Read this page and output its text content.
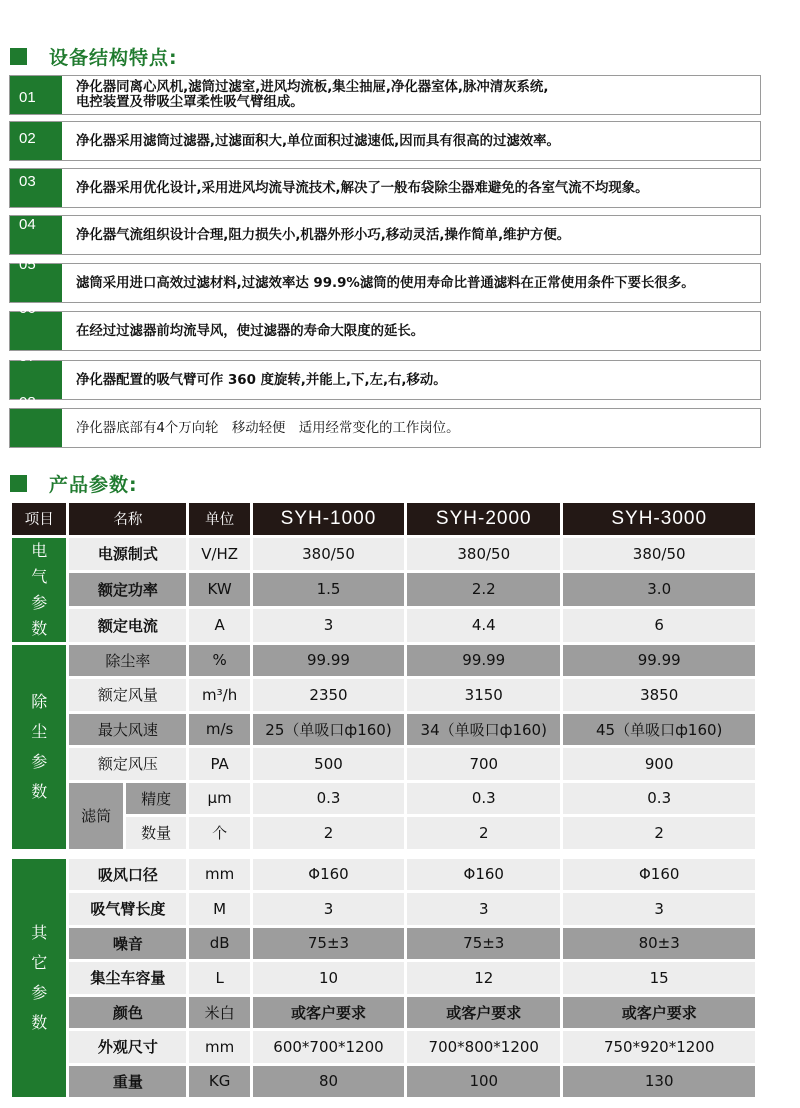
设备结构特点:
01
净化器同离心风机,滤筒过滤室,进风均流板,集尘抽屉,净化器室体,脉冲清灰系统,
电控装置及带吸尘罩柔性吸气臂组成。
02	净化器采用滤筒过滤器,过滤面积大,单位面积过滤速低,因而具有很高的过滤效率。
03	净化器采用优化设计,采用进风均流导流技术,解决了一般布袋除尘器难避免的各室气流不均现象。
04
净化器气流组织设计合理,阻力损失小,机器外形小巧,移动灵活,操作简单,维护方便。
05
滤筒采用进口高效过滤材料,过滤效率达 99.9%滤筒的使用寿命比普通滤料在正常使用条件下要长很多。
06
在经过过滤器前均流导风，使过滤器的寿命大限度的延长。
07
净化器配置的吸气臂可作 360 度旋转,并能上,下,左,右,移动。
08
净化器底部有4个万向轮　移动轻便　适用经常变化的工作岗位。
产品参数:
项目	名称		单位	SYH-1000	SYH-2000	SYH-3000
电气参数	电源制式		V/HZ	380/50	380/50	380/50
	额定功率		KW	1.5	2.2	3.0
	额定电流		A	3	4.4	6
除尘参数	除尘率		%	99.99	99.99	99.99
	额定风量		m³/h	2350	3150	3850
	最大风速		m/s	25（单吸口ф160)	34（单吸口ф160)	45（单吸口ф160)
	额定风压		PA	500	700	900
	滤筒	精度	μm	0.3	0.3	0.3
		数量	个	2	2	2

其它参数	吸风口径		mm	Φ160	Φ160	Φ160
	吸气臂长度		M	3	3	3
	噪音		dB	75±3	75±3	80±3
	集尘车容量		L	10	12	15
	颜色		米白	或客户要求	或客户要求	或客户要求
	外观尺寸		mm	600*700*1200	700*800*1200	750*920*1200
	重量		KG	80	100	130
